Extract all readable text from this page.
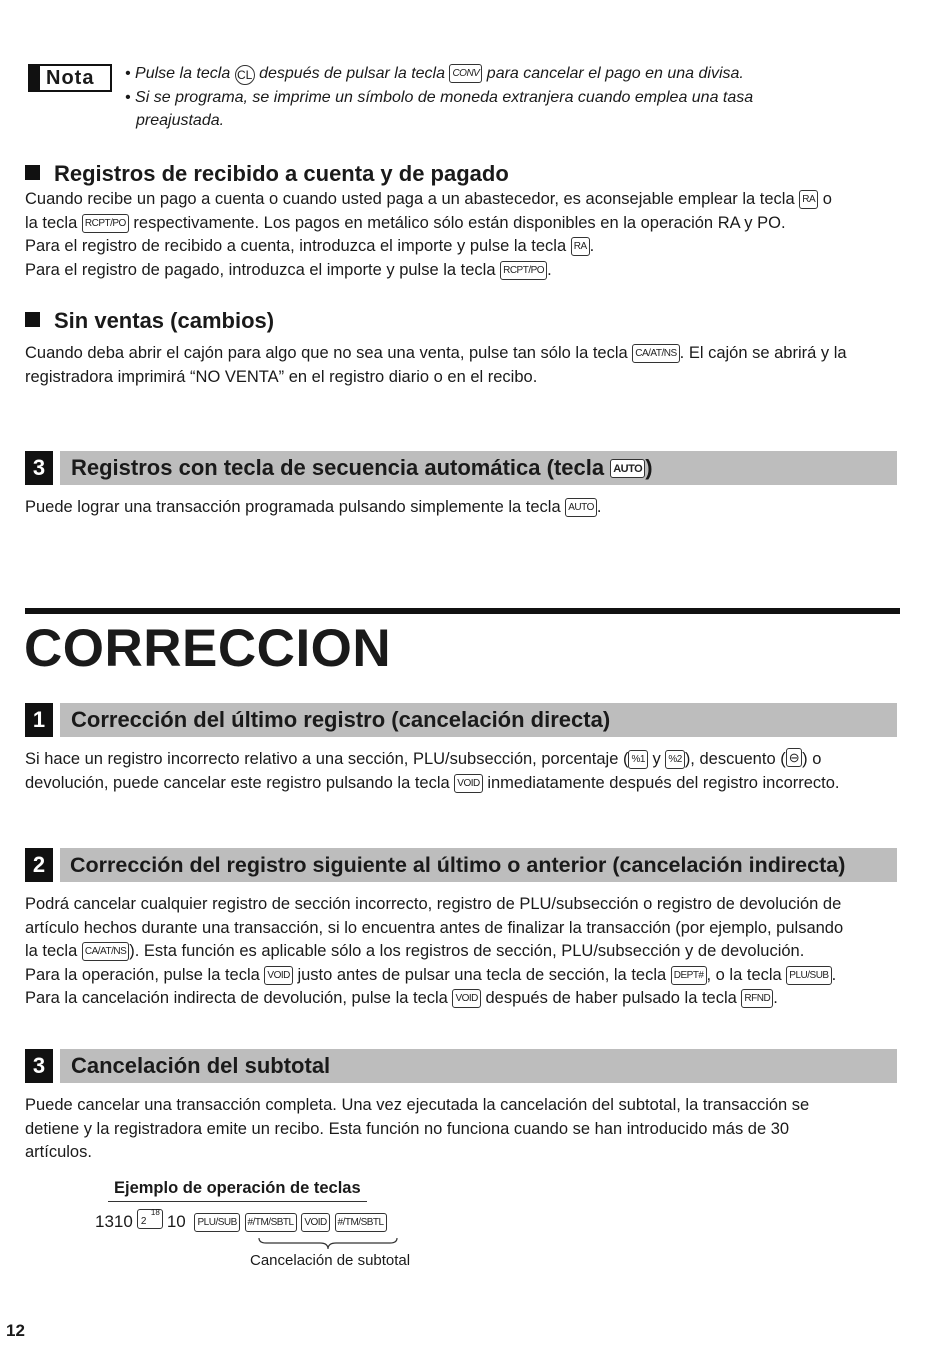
Nota	• Pulse la tecla CL después de pulsar la tecla CONV para cancelar el pago en una divisa.

• Si se programa, se imprime un símbolo de moneda extranjera cuando emplea una tasa

preajustada.

Registros de recibido a cuenta y de pagado

Cuando recibe un pago a cuenta o cuando usted paga a un abastecedor, es aconsejable emplear la tecla RA o

la tecla RCPT/PO respectivamente. Los pagos en metálico sólo están disponibles en la operación RA y PO.

Para el registro de recibido a cuenta, introduzca el importe y pulse la tecla RA .

Para el registro de pagado, introduzca el importe y pulse la tecla RCPT/PO .

Sin ventas (cambios)

Cuando deba abrir el cajón para algo que no sea una venta, pulse tan sólo la tecla CA/AT/NS . El cajón se abrirá y la

registradora imprimirá “NO VENTA” en el registro diario o en el recibo.

3	Registros con tecla de secuencia automática (tecla AUTO )

Puede lograr una transacción programada pulsando simplemente la tecla AUTO .

CORRECCION
1	Corrección del último registro (cancelación directa)

Si hace un registro incorrecto relativo a una sección, PLU/subsección, porcentaje ( %1 y %2 ), descuento ( ⊖ ) o

devolución, puede cancelar este registro pulsando la tecla VOID inmediatamente después del registro incorrecto.

2	Corrección del registro siguiente al último o anterior (cancelación indirecta)

Podrá cancelar cualquier registro de sección incorrecto, registro de PLU/subsección o registro de devolución de

artículo hechos durante una transacción, si lo encuentra antes de finalizar la transacción (por ejemplo, pulsando

la tecla CA/AT/NS ). Esta función es aplicable sólo a los registros de sección, PLU/subsección y de devolución.

Para la operación, pulse la tecla VOID justo antes de pulsar una tecla de sección, la tecla DEPT# , o la tecla PLU/SUB .

Para la cancelación indirecta de devolución, pulse la tecla VOID después de haber pulsado la tecla RFND .

3	Cancelación del subtotal

Puede cancelar una transacción completa. Una vez ejecutada la cancelación del subtotal, la transacción se

detiene y la registradora emite un recibo. Esta función no funciona cuando se han introducido más de 30

artículos.

Ejemplo de operación de teclas
1310 2
18 10 PLU/SUB #/TM/SBTL VOID #/TM/SBTL
Cancelación de subtotal
12
